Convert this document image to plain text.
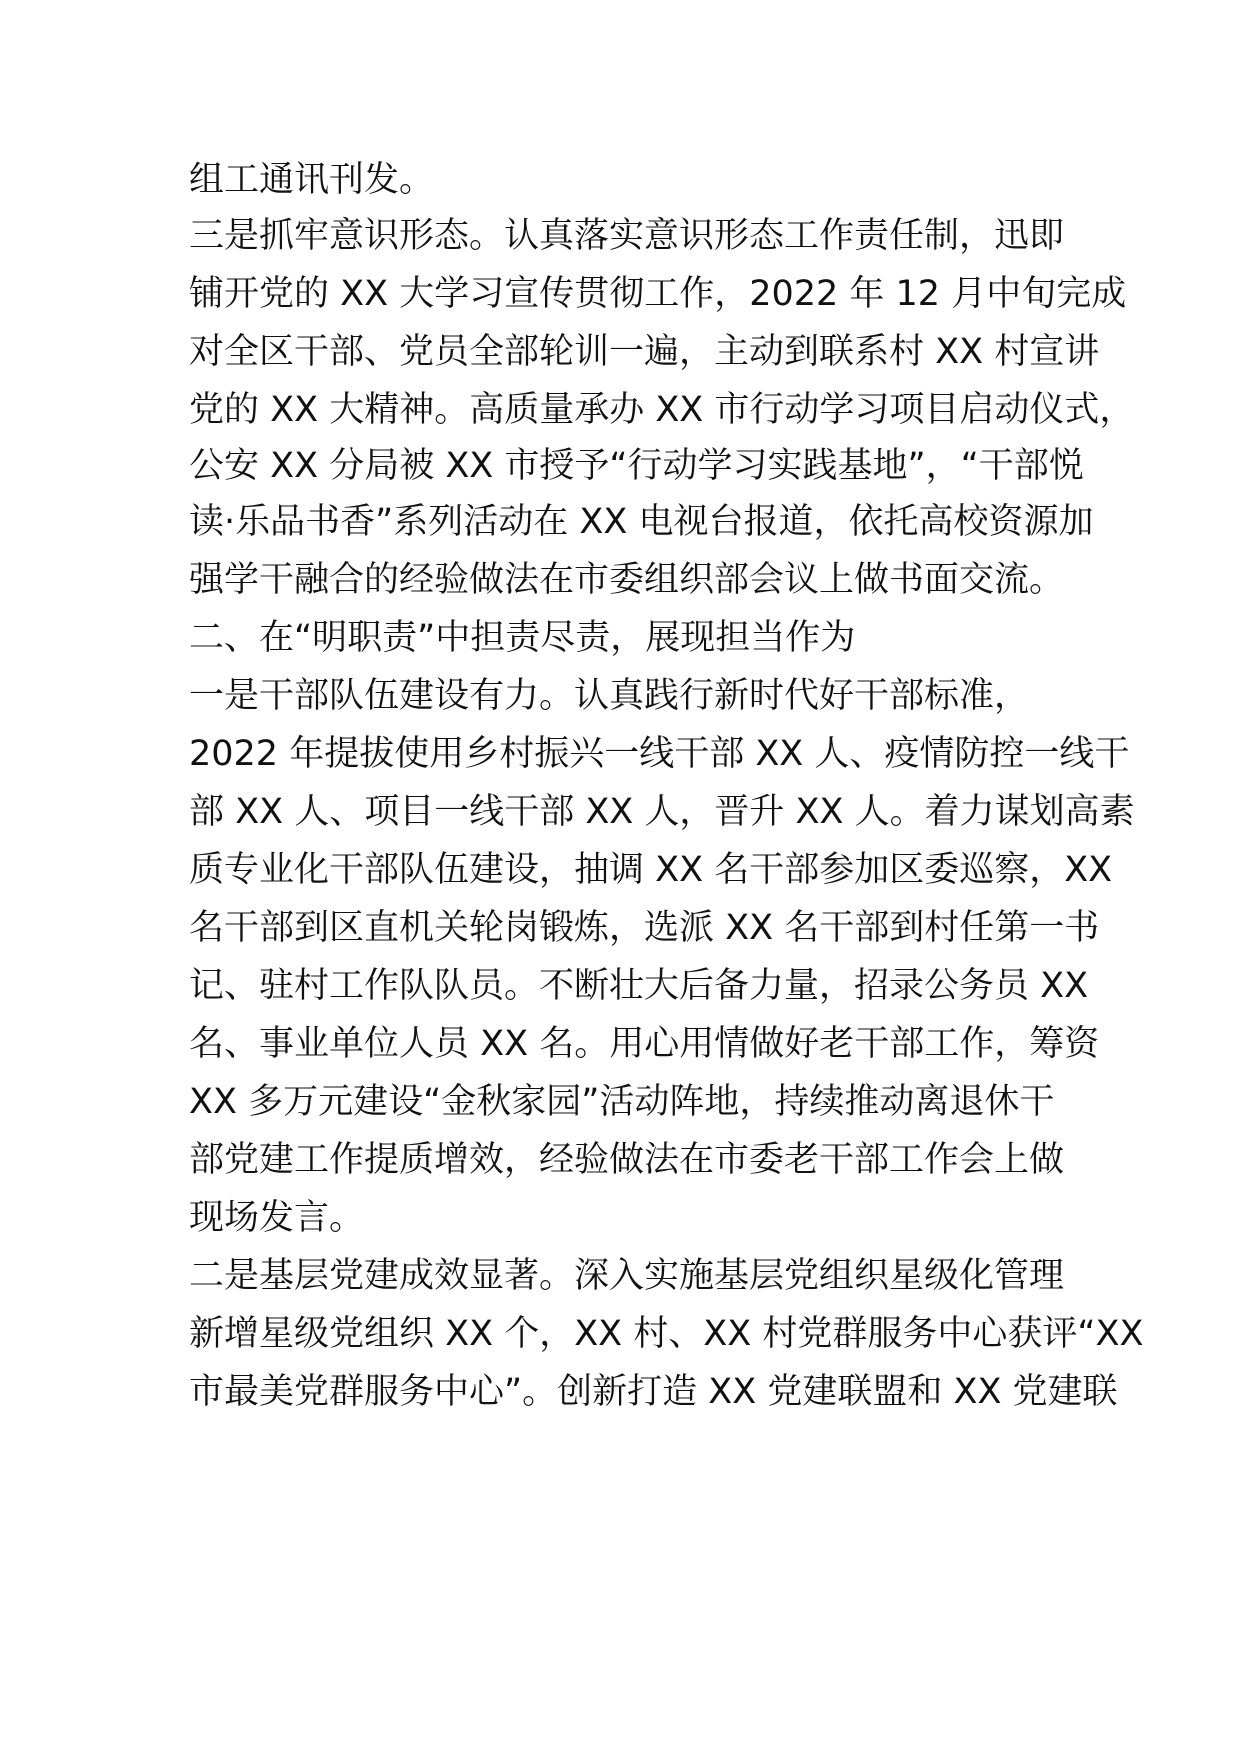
组工通讯刊发。
三是抓牢意识形态。认真落实意识形态工作责任制，迅即
铺开党的 XX 大学习宣传贯彻工作，2022 年 12 月中旬完成
对全区干部、党员全部轮训一遍，主动到联系村 XX 村宣讲
党的 XX 大精神。高质量承办 XX 市行动学习项目启动仪式，
公安 XX 分局被 XX 市授予“行动学习实践基地”，“干部悦
读·乐品书香”系列活动在 XX 电视台报道，依托高校资源加
强学干融合的经验做法在市委组织部会议上做书面交流。
二、在“明职责”中担责尽责，展现担当作为
一是干部队伍建设有力。认真践行新时代好干部标准，
2022 年提拔使用乡村振兴一线干部 XX 人、疫情防控一线干
部 XX 人、项目一线干部 XX 人，晋升 XX 人。着力谋划高素
质专业化干部队伍建设，抽调 XX 名干部参加区委巡察，XX
名干部到区直机关轮岗锻炼，选派 XX 名干部到村任第一书
记、驻村工作队队员。不断壮大后备力量，招录公务员 XX
名、事业单位人员 XX 名。用心用情做好老干部工作，筹资
XX 多万元建设“金秋家园”活动阵地，持续推动离退休干
部党建工作提质增效，经验做法在市委老干部工作会上做
现场发言。
二是基层党建成效显著。深入实施基层党组织星级化管理
新增星级党组织 XX 个，XX 村、XX 村党群服务中心获评“XX
市最美党群服务中心”。创新打造 XX 党建联盟和 XX 党建联
